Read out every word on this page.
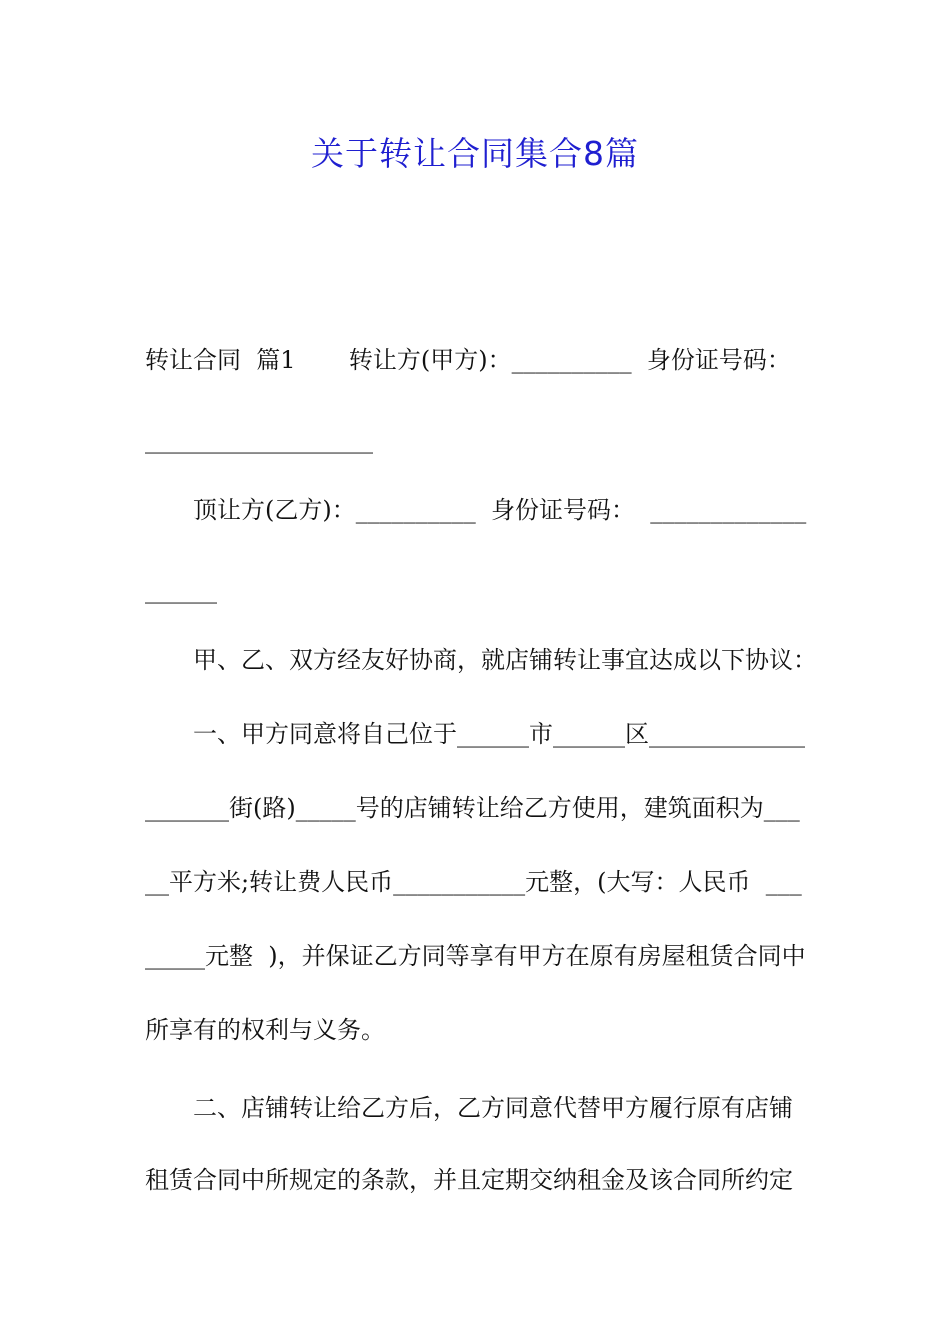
关于转让合同集合8篇
转让合同  篇1       转让方(甲方)：__________  身份证号码：
___________________
顶让方(乙方)：__________  身份证号码：  _____________
______
甲、乙、双方经友好协商，就店铺转让事宜达成以下协议：
一、甲方同意将自己位于______市______区_____________
_______街(路)_____号的店铺转让给乙方使用，建筑面积为___
__平方米;转让费人民币___________元整，(大写：人民币  ___
_____元整  )，并保证乙方同等享有甲方在原有房屋租赁合同中
所享有的权利与义务。
二、店铺转让给乙方后，乙方同意代替甲方履行原有店铺
租赁合同中所规定的条款，并且定期交纳租金及该合同所约定
